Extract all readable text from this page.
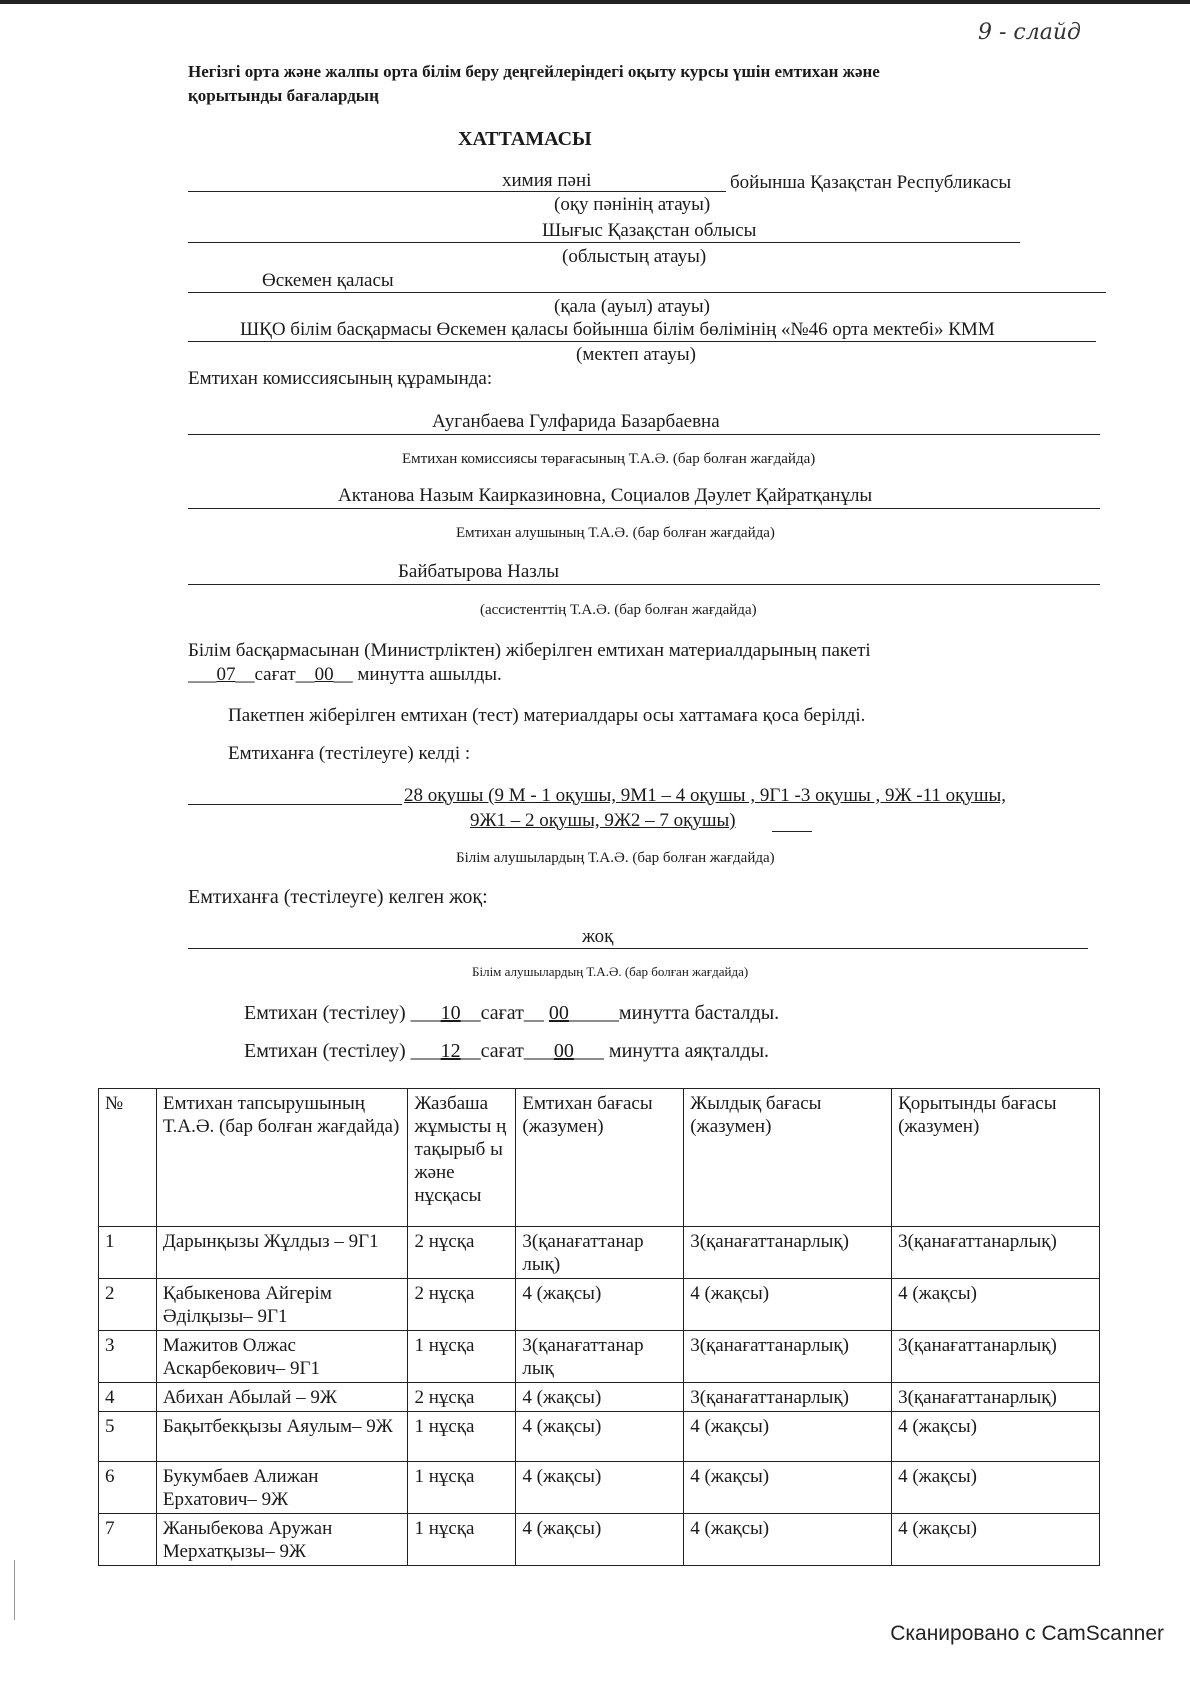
9 - слайд
Негізгі орта және жалпы орта білім беру деңгейлеріндегі оқыту курсы үшін емтихан және
қорытынды бағалардың
ХАТТАМАСЫ
химия пәні	бойынша Қазақстан Республикасы
(оқу пәнінің атауы)
Шығыс Қазақстан облысы
(облыстың атауы)
Өскемен қаласы
(қала (ауыл) атауы)
ШҚО білім басқармасы Өскемен қаласы бойынша білім бөлімінің «№46 орта мектебі» КММ
(мектеп атауы)
Емтихан комиссиясының құрамында:
Ауганбаева Гулфарида Базарбаевна
Емтихан комиссиясы төрағасының Т.А.Ә. (бар болған жағдайда)
Актанова Назым Каирказиновна, Социалов Дәулет Қайратқанұлы
Емтихан алушының Т.А.Ә. (бар болған жағдайда)
Байбатырова Назлы
(ассистенттің Т.А.Ә. (бар болған жағдайда)
Білім басқармасынан (Министрліктен) жіберілген емтихан материалдарының пакеті
___07__сағат__00__ минутта ашылды.
Пакетпен жіберілген емтихан (тест) материалдары осы хаттамаға қоса берілді.
Емтиханға (тестілеуге) келді :
28 оқушы (9 М - 1 оқушы, 9М1 – 4 оқушы , 9Г1 -3 оқушы , 9Ж -11 оқушы,
9Ж1 – 2 оқушы, 9Ж2 – 7 оқушы)
Білім алушылардың Т.А.Ә. (бар болған жағдайда)
Емтиханға (тестілеуге) келген жоқ:
жоқ
Білім алушылардың Т.А.Ә. (бар болған жағдайда)
Емтихан (тестілеу) ___10__сағат__ 00_____минутта басталды.
Емтихан (тестілеу) ___12__сағат___00___ минутта аяқталды.
№	Емтихан тапсырушының Т.А.Ә. (бар болған жағдайда)	Жазбаша жұмысты ң тақырыб ы және нұсқасы	Емтихан бағасы (жазумен)	Жылдық бағасы (жазумен)	Қорытынды бағасы (жазумен)
1	Дарынқызы Жұлдыз – 9Г1	2 нұсқа	3(қанағаттанар лық)	3(қанағаттанарлық)	3(қанағаттанарлық)
2	Қабыкенова Айгерім Әділқызы– 9Г1	2 нұсқа	4 (жақсы)	4 (жақсы)	4 (жақсы)
3	Мажитов Олжас Аскарбекович– 9Г1	1 нұсқа	3(қанағаттанар лық	3(қанағаттанарлық)	3(қанағаттанарлық)
4	Абихан Абылай – 9Ж	2 нұсқа	4 (жақсы)	3(қанағаттанарлық)	3(қанағаттанарлық)
5	Бақытбекқызы Аяулым– 9Ж	1 нұсқа	4 (жақсы)	4 (жақсы)	4 (жақсы)
6	Букумбаев Алижан Ерхатович– 9Ж	1 нұсқа	4 (жақсы)	4 (жақсы)	4 (жақсы)
7	Жаныбекова Аружан Мерхатқызы– 9Ж	1 нұсқа	4 (жақсы)	4 (жақсы)	4 (жақсы)
Сканировано с CamScanner
